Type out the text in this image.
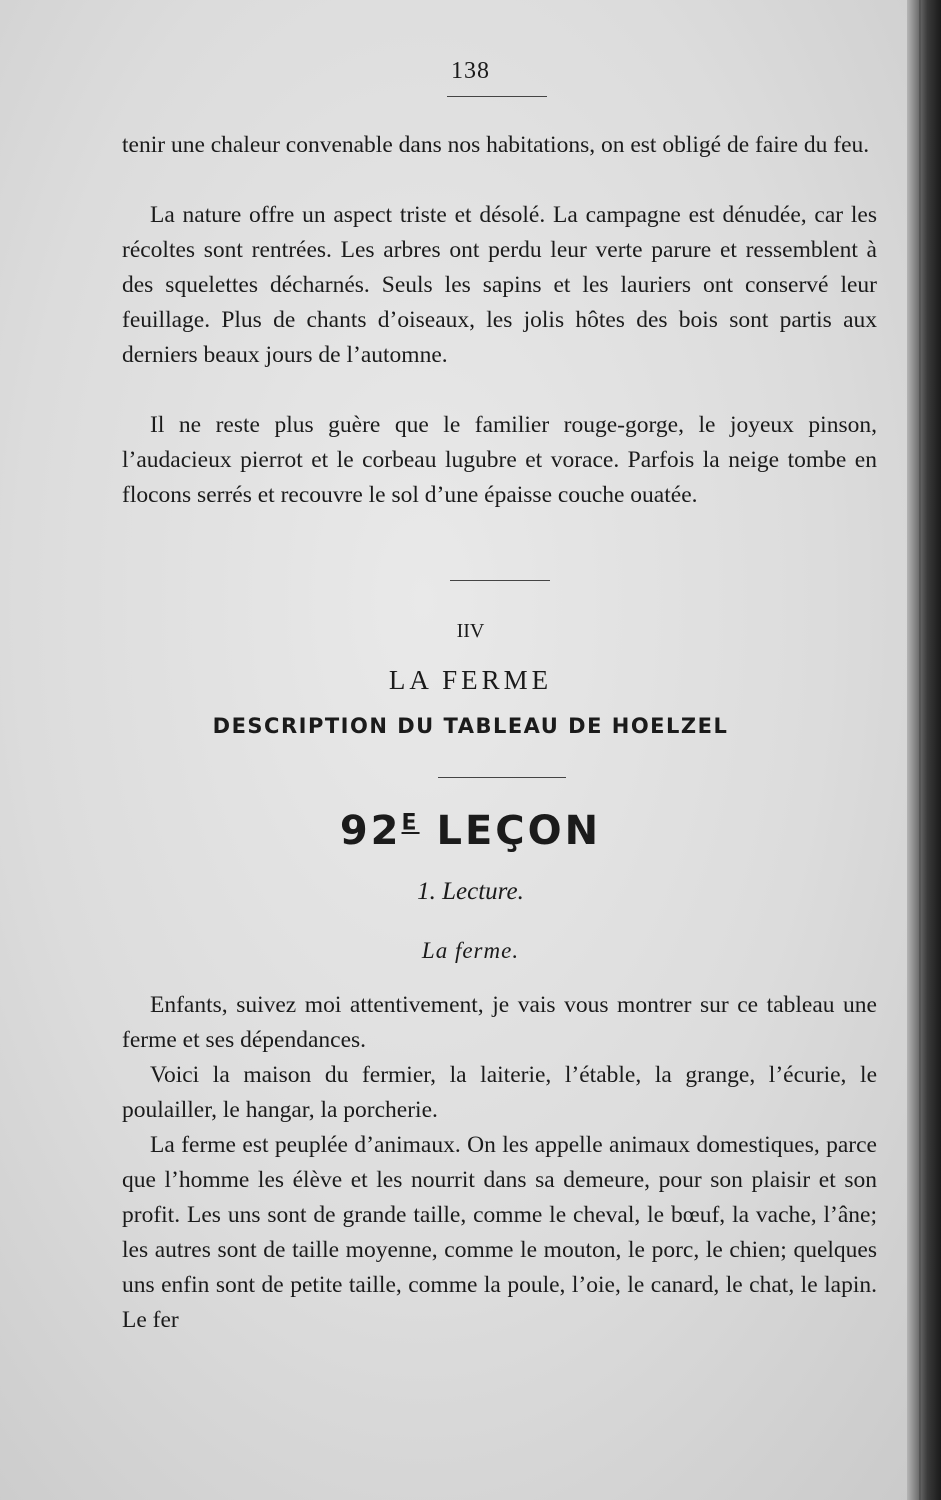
138
tenir une chaleur convenable dans nos habitations, on est obligé de faire du feu.
La nature offre un aspect triste et désolé. La campagne est dénudée, car les récoltes sont rentrées. Les arbres ont perdu leur verte parure et ressemblent à des squelettes décharnés. Seuls les sapins et les lauriers ont conservé leur feuillage. Plus de chants d’oiseaux, les jolis hôtes des bois sont partis aux derniers beaux jours de l’automne.
Il ne reste plus guère que le familier rouge-gorge, le joyeux pinson, l’audacieux pierrot et le corbeau lugubre et vorace. Parfois la neige tombe en flocons serrés et recouvre le sol d’une épaisse couche ouatée.
IIV
LA FERME
DESCRIPTION DU TABLEAU DE HOELZEL
$92^E$ LEÇON
1. Lecture.
La ferme.
Enfants, suivez moi attentivement, je vais vous montrer sur ce tableau une ferme et ses dépendances.
Voici la maison du fermier, la laiterie, l’étable, la grange, l’écurie, le poulailler, le hangar, la porcherie.
La ferme est peuplée d’animaux. On les appelle animaux domestiques, parce que l’homme les élève et les nourrit dans sa demeure, pour son plaisir et son profit. Les uns sont de grande taille, comme le cheval, le bœuf, la vache, l’âne; les autres sont de taille moyenne, comme le mouton, le porc, le chien; quelques uns enfin sont de petite taille, comme la poule, l’oie, le canard, le chat, le lapin. Le fer
